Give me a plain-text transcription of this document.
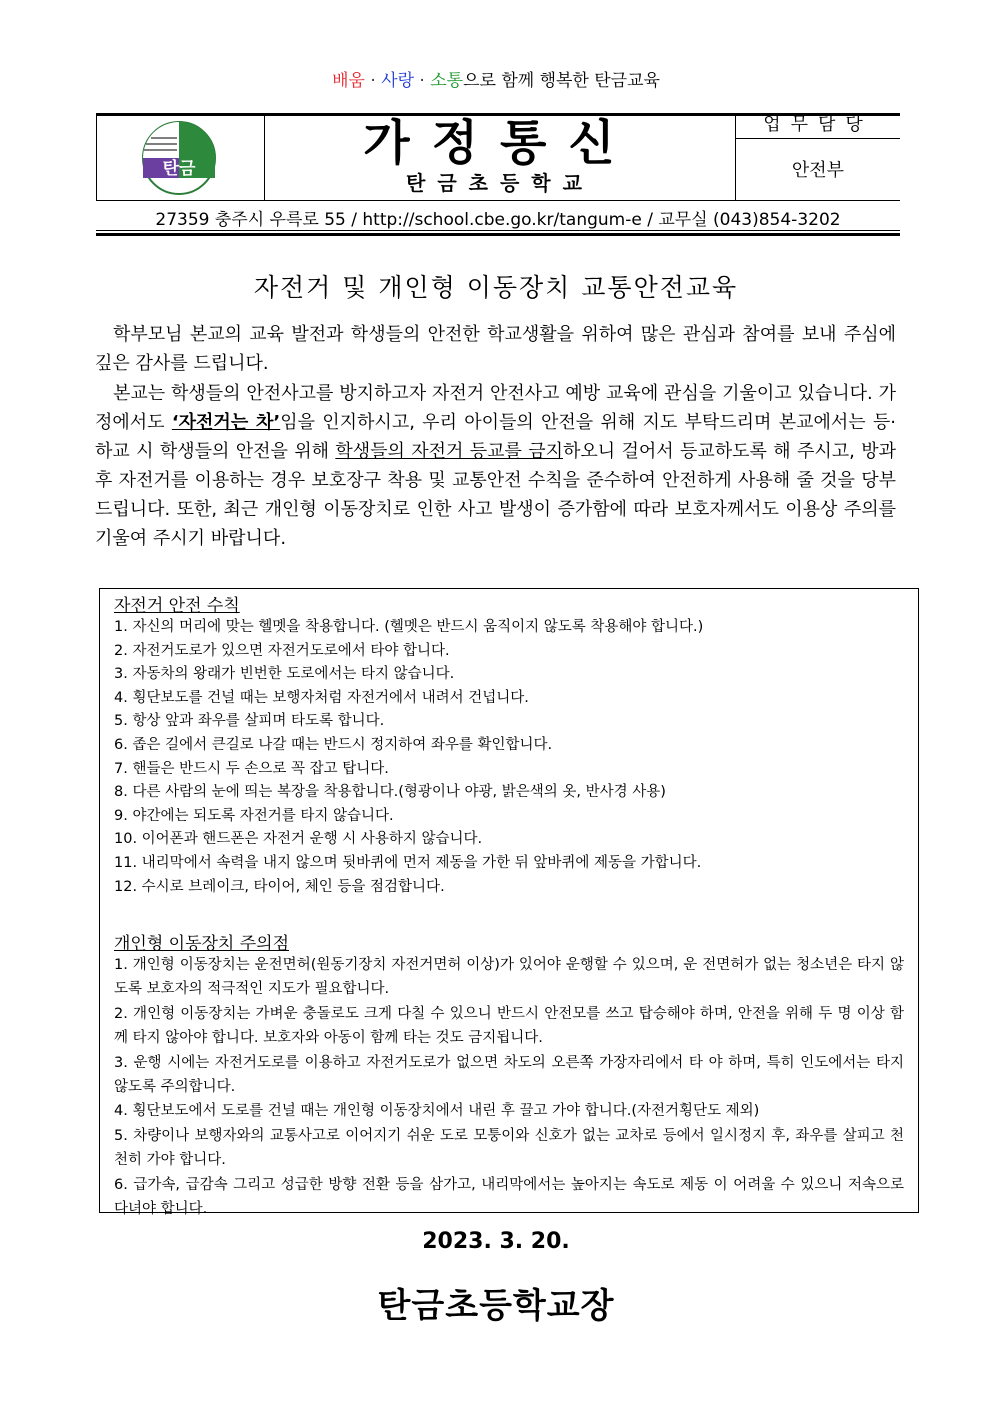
배움 · 사랑 · 소통으로 함께 행복한 탄금교육
탄금	가정통신
탄금초등학교
업무담당
안전부
27359 충주시 우륵로 55 / http://school.cbe.go.kr/tangum-e / 교무실 (043)854-3202
자전거 및 개인형 이동장치 교통안전교육
학부모님 본교의 교육 발전과 학생들의 안전한 학교생활을 위하여 많은 관심과 참여를 보내 주심에 깊은 감사를 드립니다.
본교는 학생들의 안전사고를 방지하고자 자전거 안전사고 예방 교육에 관심을 기울이고 있습니다. 가정에서도 ‘자전거는 차’임을 인지하시고, 우리 아이들의 안전을 위해 지도 부탁드리며 본교에서는 등·하교 시 학생들의 안전을 위해 학생들의 자전거 등교를 금지하오니 걸어서 등교하도록 해 주시고, 방과 후 자전거를 이용하는 경우 보호장구 착용 및 교통안전 수칙을 준수하여 안전하게 사용해 줄 것을 당부드립니다. 또한, 최근 개인형 이동장치로 인한 사고 발생이 증가함에 따라 보호자께서도 이용상 주의를 기울여 주시기 바랍니다.
자전거 안전 수칙
1. 자신의 머리에 맞는 헬멧을 착용합니다. (헬멧은 반드시 움직이지 않도록 착용해야 합니다.)
2. 자전거도로가 있으면 자전거도로에서 타야 합니다.
3. 자동차의 왕래가 빈번한 도로에서는 타지 않습니다.
4. 횡단보도를 건널 때는 보행자처럼 자전거에서 내려서 건넙니다.
5. 항상 앞과 좌우를 살피며 타도록 합니다.
6. 좁은 길에서 큰길로 나갈 때는 반드시 정지하여 좌우를 확인합니다.
7. 핸들은 반드시 두 손으로 꼭 잡고 탑니다.
8. 다른 사람의 눈에 띄는 복장을 착용합니다.(형광이나 야광, 밝은색의 옷, 반사경 사용)
9. 야간에는 되도록 자전거를 타지 않습니다.
10. 이어폰과 핸드폰은 자전거 운행 시 사용하지 않습니다.
11. 내리막에서 속력을 내지 않으며 뒷바퀴에 먼저 제동을 가한 뒤 앞바퀴에 제동을 가합니다.
12. 수시로 브레이크, 타이어, 체인 등을 점검합니다.
개인형 이동장치 주의점
1. 개인형 이동장치는 운전면허(원동기장치 자전거면허 이상)가 있어야 운행할 수 있으며, 운 전면허가 없는 청소년은 타지 않도록 보호자의 적극적인 지도가 필요합니다.
2. 개인형 이동장치는 가벼운 충돌로도 크게 다칠 수 있으니 반드시 안전모를 쓰고 탑승해야 하며, 안전을 위해 두 명 이상 함께 타지 않아야 합니다. 보호자와 아동이 함께 타는 것도 금지됩니다.
3. 운행 시에는 자전거도로를 이용하고 자전거도로가 없으면 차도의 오른쪽 가장자리에서 타 야 하며, 특히 인도에서는 타지 않도록 주의합니다.
4. 횡단보도에서 도로를 건널 때는 개인형 이동장치에서 내린 후 끌고 가야 합니다.(자전거횡단도 제외)
5. 차량이나 보행자와의 교통사고로 이어지기 쉬운 도로 모퉁이와 신호가 없는 교차로 등에서 일시정지 후, 좌우를 살피고 천천히 가야 합니다.
6. 급가속, 급감속 그리고 성급한 방향 전환 등을 삼가고, 내리막에서는 높아지는 속도로 제동 이 어려울 수 있으니 저속으로 다녀야 합니다.
2023. 3. 20.
탄금초등학교장
